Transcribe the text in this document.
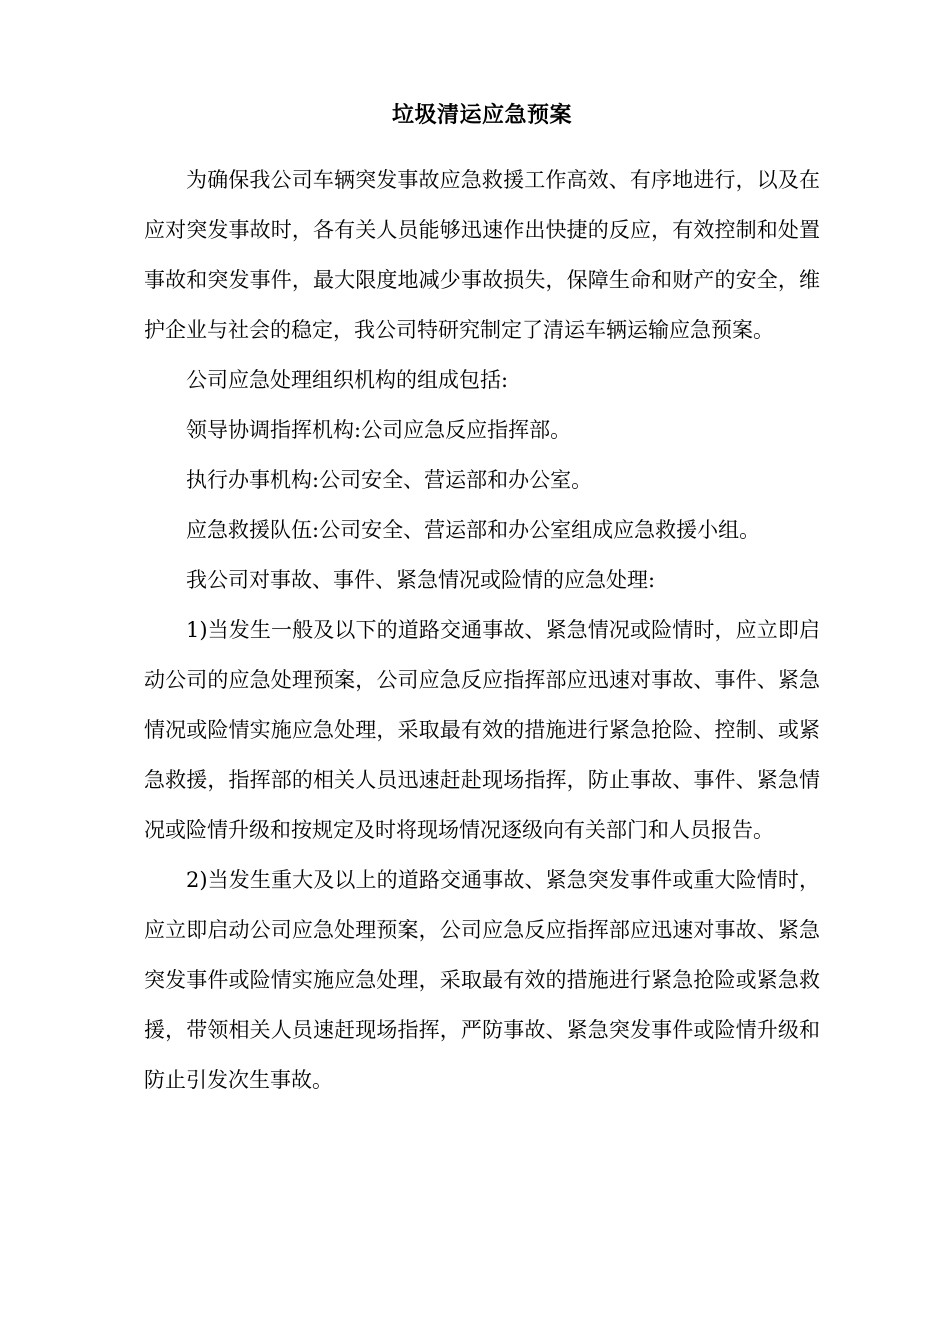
垃圾清运应急预案

为确保我公司车辆突发事故应急救援工作高效、有序地进行，以及在应对突发事故时，各有关人员能够迅速作出快捷的反应，有效控制和处置事故和突发事件，最大限度地减少事故损失，保障生命和财产的安全，维护企业与社会的稳定，我公司特研究制定了清运车辆运输应急预案。

公司应急处理组织机构的组成包括:

领导协调指挥机构:公司应急反应指挥部。

执行办事机构:公司安全、营运部和办公室。

应急救援队伍:公司安全、营运部和办公室组成应急救援小组。

我公司对事故、事件、紧急情况或险情的应急处理:

1)当发生一般及以下的道路交通事故、紧急情况或险情时，应立即启动公司的应急处理预案，公司应急反应指挥部应迅速对事故、事件、紧急情况或险情实施应急处理，采取最有效的措施进行紧急抢险、控制、或紧急救援，指挥部的相关人员迅速赶赴现场指挥，防止事故、事件、紧急情况或险情升级和按规定及时将现场情况逐级向有关部门和人员报告。

2)当发生重大及以上的道路交通事故、紧急突发事件或重大险情时，应立即启动公司应急处理预案，公司应急反应指挥部应迅速对事故、紧急突发事件或险情实施应急处理，采取最有效的措施进行紧急抢险或紧急救援，带领相关人员速赶现场指挥，严防事故、紧急突发事件或险情升级和防止引发次生事故。
